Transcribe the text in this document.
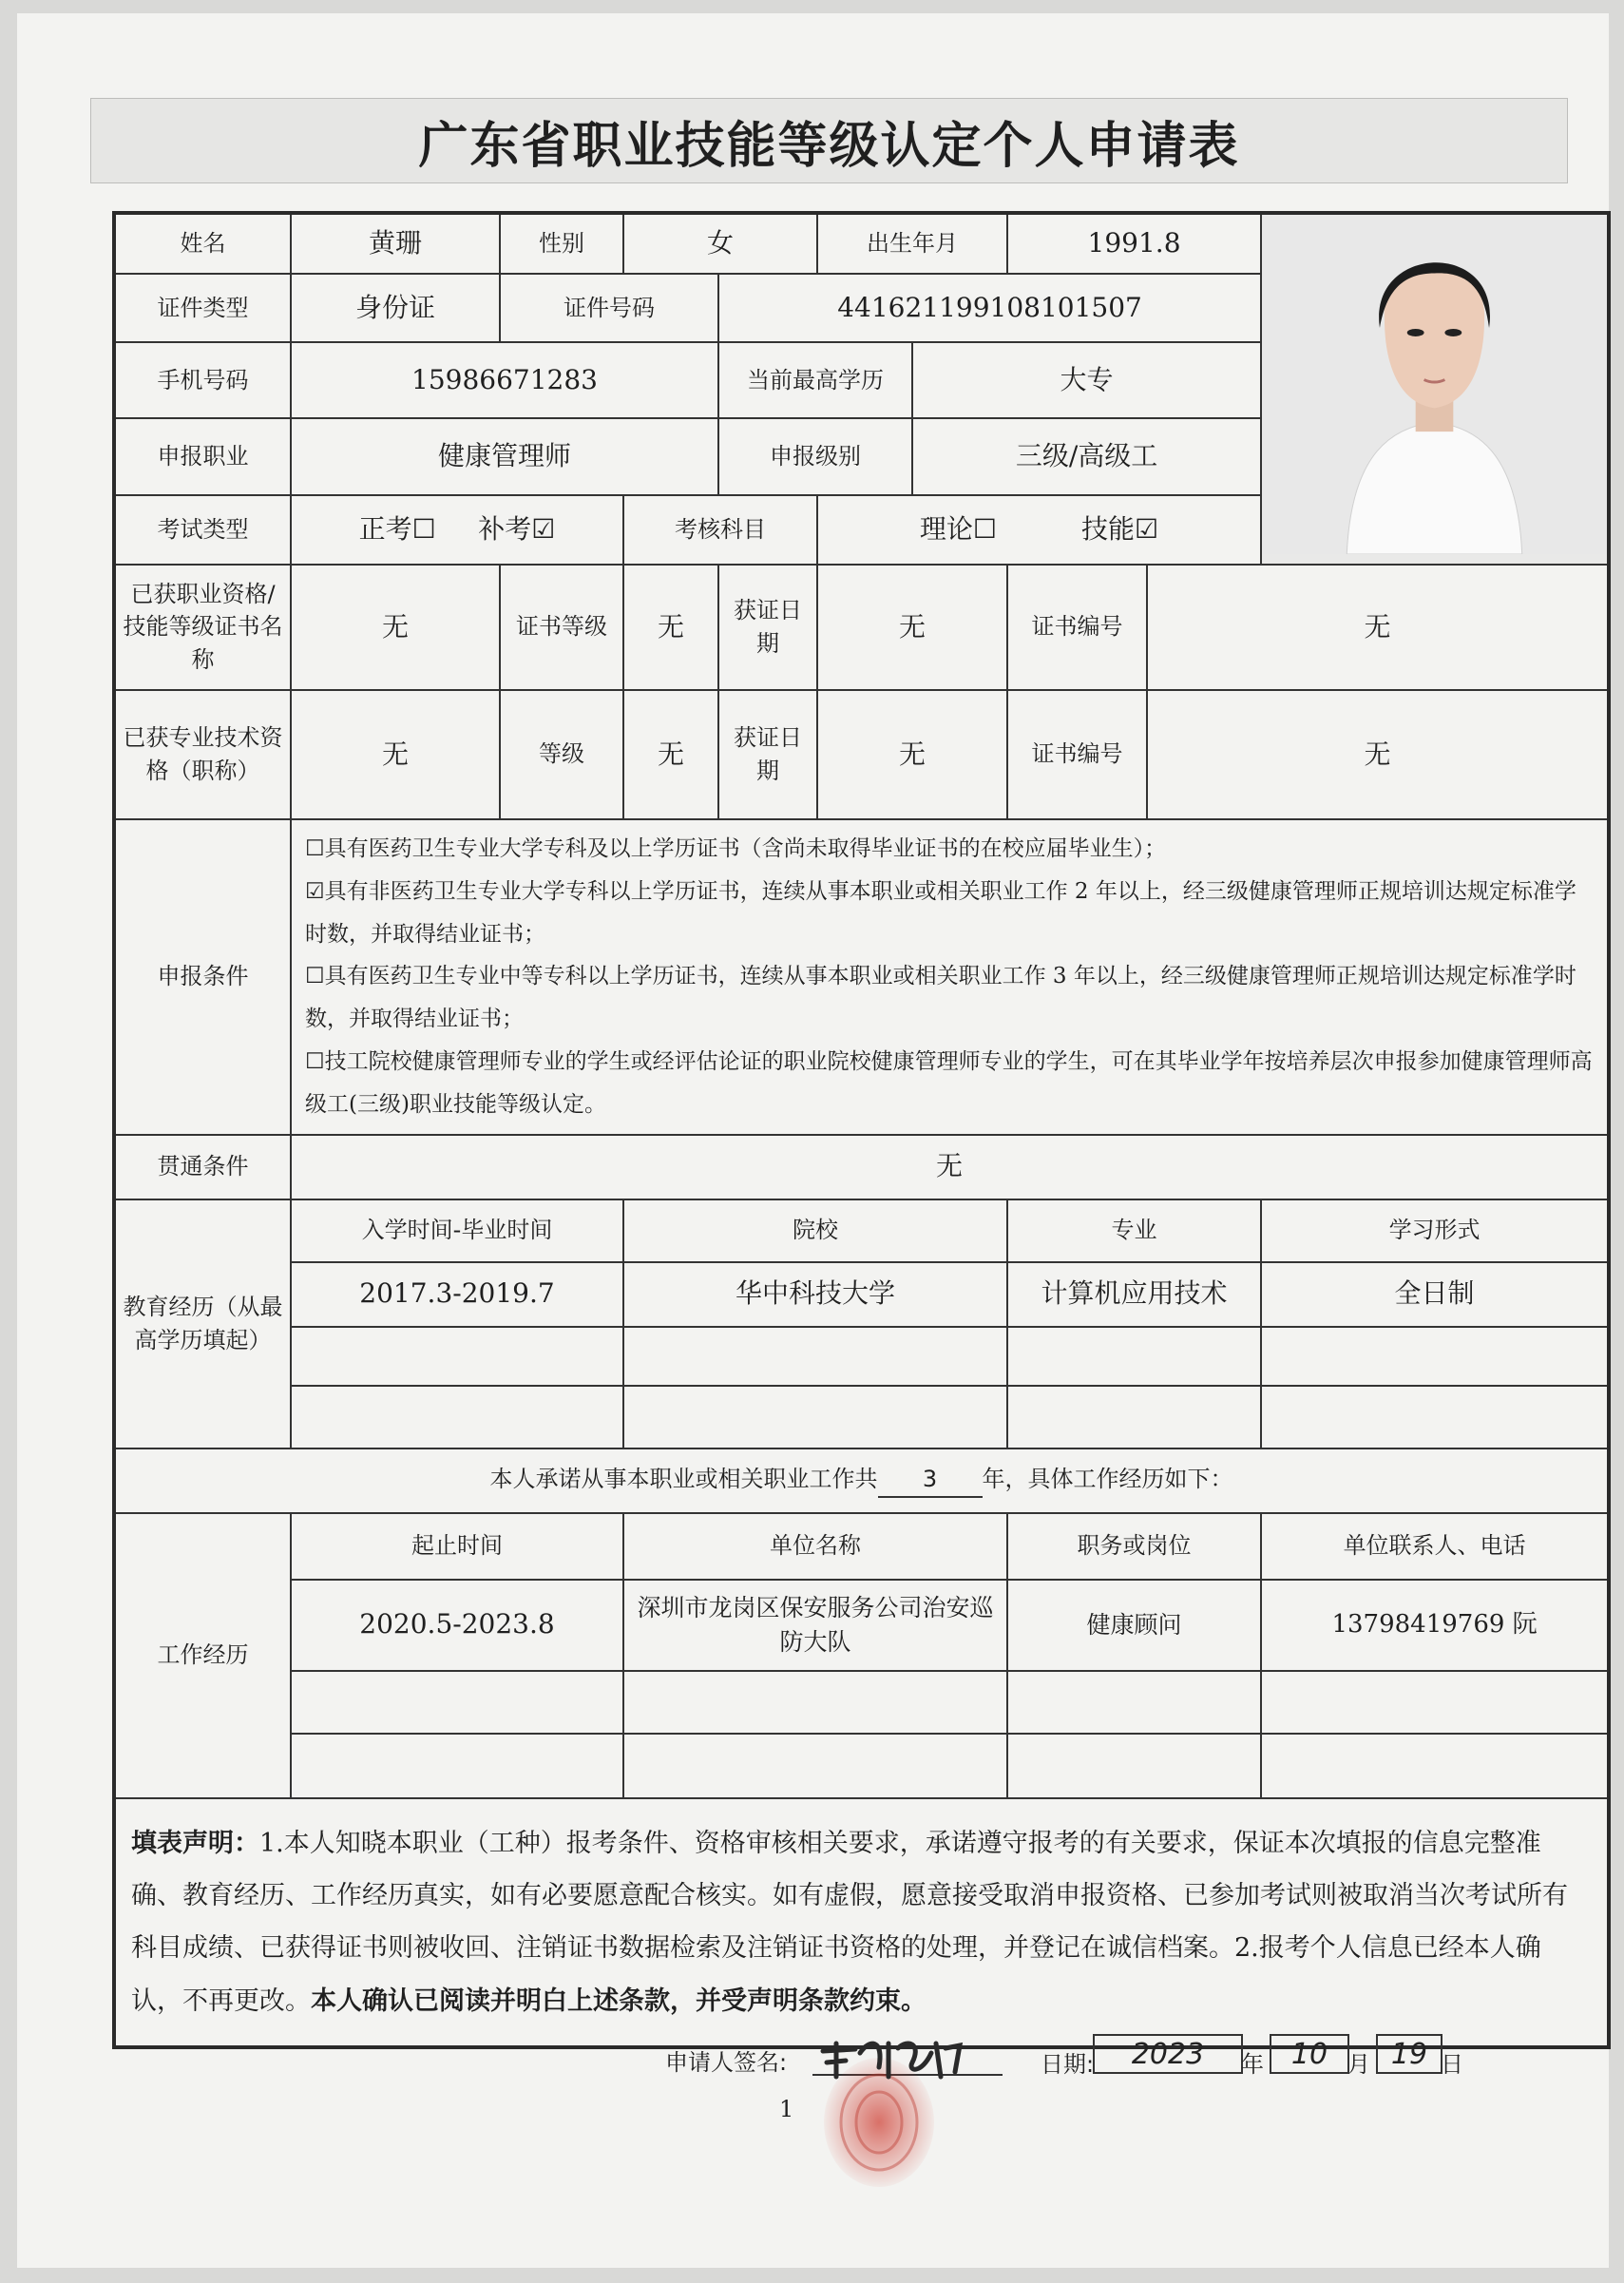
广东省职业技能等级认定个人申请表
姓名	黄珊	性别	女		出生年月		1991.8	
证件类型	身份证	证件号码		441621199108101507					
手机号码	15986671283			当前最高学历		大专			
申报职业	健康管理师			申报级别		三级/高级工			
考试类型	正考☐ 补考☑		考核科目		理论☐ 技能☑				
已获职业资格/技能等级证书名称	无	证书等级	无	获证日期	无		证书编号	无	
已获专业技术资格（职称）	无	等级	无	获证日期	无		证书编号	无	
申报条件	☐具有医药卫生专业大学专科及以上学历证书（含尚未取得毕业证书的在校应届毕业生）；
☑具有非医药卫生专业大学专科以上学历证书，连续从事本职业或相关职业工作 2 年以上，经三级健康管理师正规培训达规定标准学时数，并取得结业证书；
☐具有医药卫生专业中等专科以上学历证书，连续从事本职业或相关职业工作 3 年以上，经三级健康管理师正规培训达规定标准学时数，并取得结业证书；
☐技工院校健康管理师专业的学生或经评估论证的职业院校健康管理师专业的学生，可在其毕业学年按培养层次申报参加健康管理师高级工(三级)职业技能等级认定。								

贯通条件	无								
教育经历（从最高学历填起）	入学时间-毕业时间		院校				专业		学习形式
	2017.3-2019.7		华中科技大学				计算机应用技术		全日制

本人承诺从事本职业或相关职业工作共 3 年，具体工作经历如下：									
工作经历	起止时间		单位名称				职务或岗位		单位联系人、电话
	2020.5-2023.8		深圳市龙岗区保安服务公司治安巡防大队				健康顾问		13798419769 阮

填表声明：1.本人知晓本职业（工种）报考条件、资格审核相关要求，承诺遵守报考的有关要求，保证本次填报的信息完整准确、教育经历、工作经历真实，如有必要愿意配合核实。如有虚假，愿意接受取消申报资格、已参加考试则被取消当次考试所有科目成绩、已获得证书则被收回、注销证书数据检索及注销证书资格的处理，并登记在诚信档案。2.报考个人信息已经本人确认，不再更改。本人确认已阅读并明白上述条款，并受声明条款约束。									
申请人签名:	日期:	2023	年 10 月 19 日
1
